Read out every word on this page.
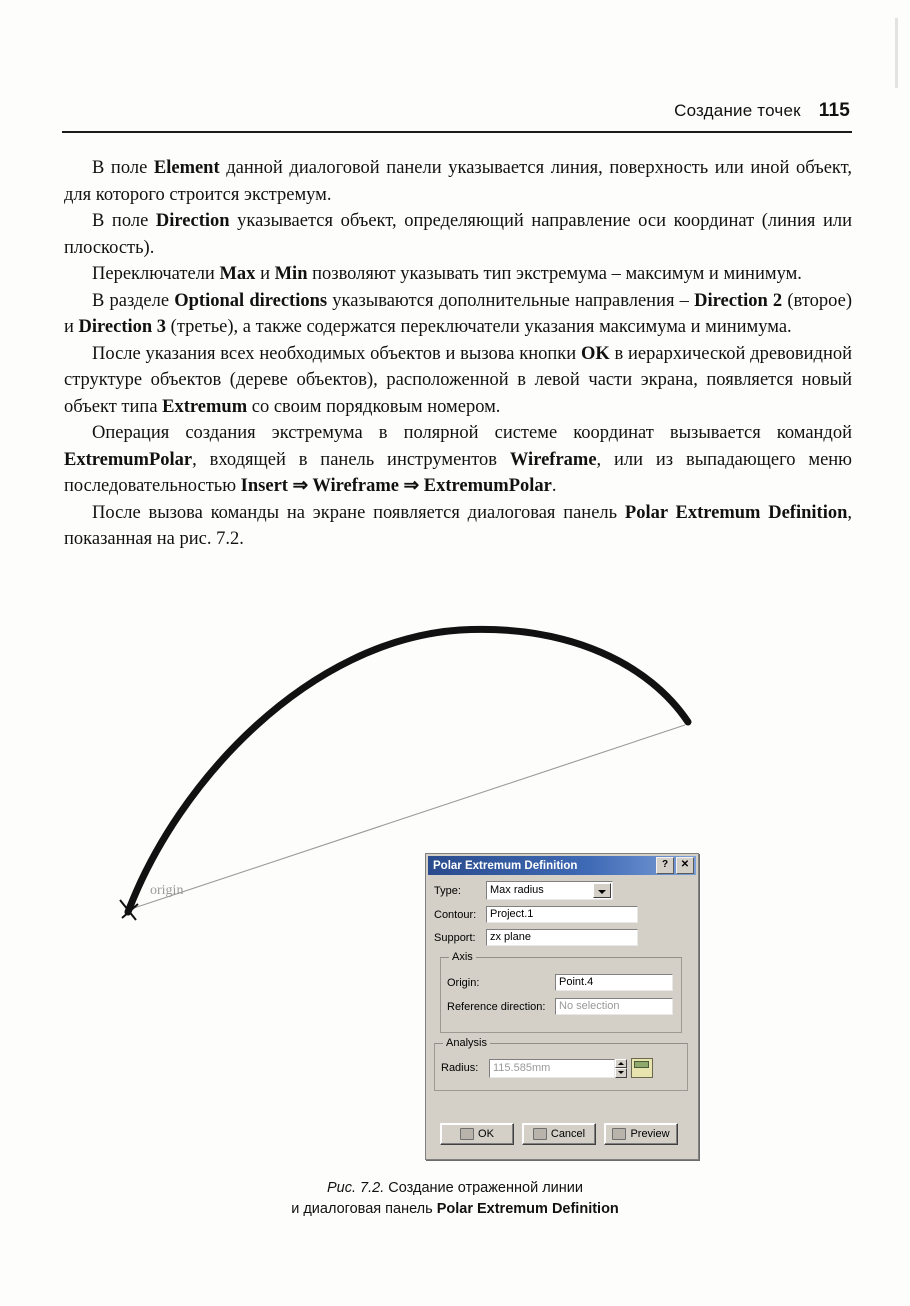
Создание точек 115

В поле Element данной диалоговой панели указывается линия, поверхность или иной объект, для которого строится экстремум.

В поле Direction указывается объект, определяющий направление оси координат (линия или плоскость).

Переключатели Max и Min позволяют указывать тип экстремума – максимум и минимум.

В разделе Optional directions указываются дополнительные направления – Direction 2 (второе) и Direction 3 (третье), а также содержатся переключатели указания максимума и минимума.

После указания всех необходимых объектов и вызова кнопки OK в иерархической древовидной структуре объектов (дереве объектов), расположенной в левой части экрана, появляется новый объект типа Extremum со своим порядковым номером.

Операция создания экстремума в полярной системе координат вызывается командой ExtremumPolar, входящей в панель инструментов Wireframe, или из выпадающего меню последовательностью Insert ⇒ Wireframe ⇒ ExtremumPolar.

После вызова команды на экране появляется диалоговая панель Polar Extremum Definition, показанная на рис. 7.2.

origin
Polar Extremum Definition	?	✕
Type:	Max radius
Contour:	Project.1
Support:	zx plane
Axis
Origin:	Point.4
Reference direction:	No selection
Analysis
Radius:	115.585mm
OK	Cancel	Preview
Рис. 7.2. Создание отраженной линии
и диалоговая панель Polar Extremum Definition
